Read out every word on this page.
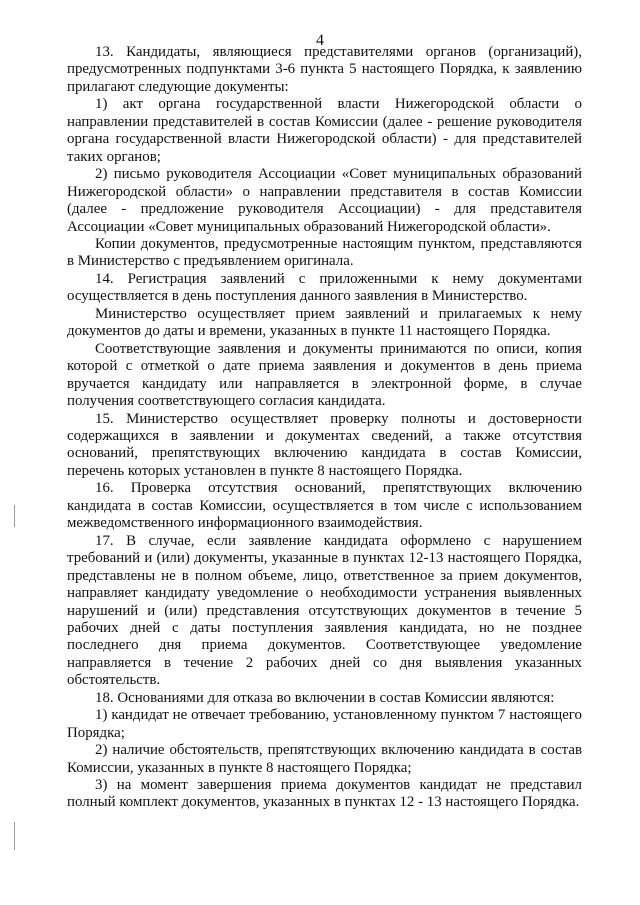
4

13. Кандидаты, являющиеся представителями органов (организаций), предусмотренных подпунктами 3-6 пункта 5 настоящего Порядка, к заявлению прилагают следующие документы:

1) акт органа государственной власти Нижегородской области о направлении представителей в состав Комиссии (далее - решение руководителя органа государственной власти Нижегородской области) - для представителей таких органов;

2) письмо руководителя Ассоциации «Совет муниципальных образований Нижегородской области» о направлении представителя в состав Комиссии (далее - предложение руководителя Ассоциации) - для представителя Ассоциации «Совет муниципальных образований Нижегородской области».

Копии документов, предусмотренные настоящим пунктом, представляются в Министерство с предъявлением оригинала.

14. Регистрация заявлений с приложенными к нему документами осуществляется в день поступления данного заявления в Министерство.

Министерство осуществляет прием заявлений и прилагаемых к нему документов до даты и времени, указанных в пункте 11 настоящего Порядка.

Соответствующие заявления и документы принимаются по описи, копия которой с отметкой о дате приема заявления и документов в день приема вручается кандидату или направляется в электронной форме, в случае получения соответствующего согласия кандидата.

15. Министерство осуществляет проверку полноты и достоверности содержащихся в заявлении и документах сведений, а также отсутствия оснований, препятствующих включению кандидата в состав Комиссии, перечень которых установлен в пункте 8 настоящего Порядка.

16. Проверка отсутствия оснований, препятствующих включению кандидата в состав Комиссии, осуществляется в том числе с использованием межведомственного информационного взаимодействия.

17. В случае, если заявление кандидата оформлено с нарушением требований и (или) документы, указанные в пунктах 12-13 настоящего Порядка, представлены не в полном объеме, лицо, ответственное за прием документов, направляет кандидату уведомление о необходимости устранения выявленных нарушений и (или) представления отсутствующих документов в течение 5 рабочих дней с даты поступления заявления кандидата, но не позднее последнего дня приема документов. Соответствующее уведомление направляется в течение 2 рабочих дней со дня выявления указанных обстоятельств.

18. Основаниями для отказа во включении в состав Комиссии являются:

1) кандидат не отвечает требованию, установленному пунктом 7 настоящего Порядка;

2) наличие обстоятельств, препятствующих включению кандидата в состав Комиссии, указанных в пункте 8 настоящего Порядка;

3) на момент завершения приема документов кандидат не представил полный комплект документов, указанных в пунктах 12 - 13 настоящего Порядка.
